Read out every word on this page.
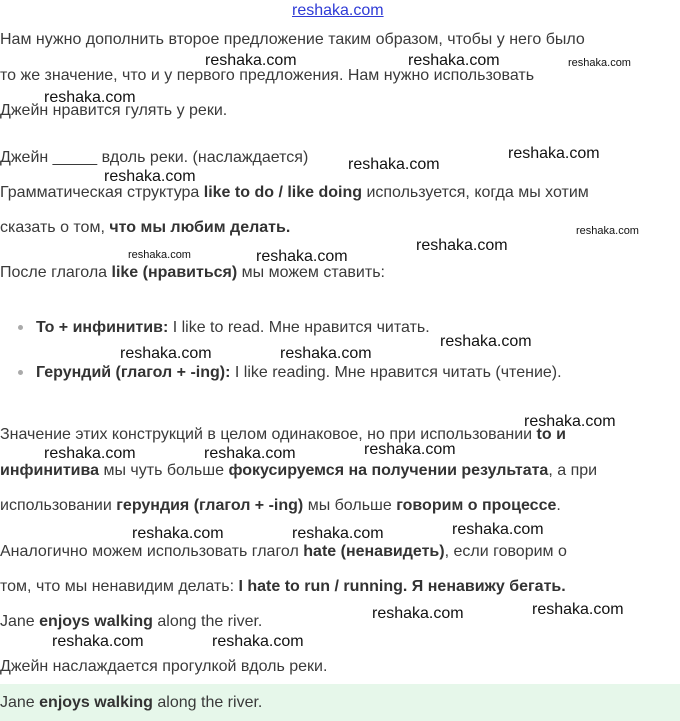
reshaka.com
Нам нужно дополнить второе предложение таким образом, чтобы у него было
то же значение, что и у первого предложения. Нам нужно использовать
Джейн нравится гулять у реки.
Джейн _____ вдоль реки. (наслаждается)
Грамматическая структура like to do / like doing используется, когда мы хотим
сказать о том, что мы любим делать.
После глагола like (нравиться) мы можем ставить:
To + инфинитив: I like to read. Мне нравится читать.
Герундий (глагол + -ing): I like reading. Мне нравится читать (чтение).
Значение этих конструкций в целом одинаковое, но при использовании to и
инфинитива мы чуть больше фокусируемся на получении результата, а при
использовании герундия (глагол + -ing) мы больше говорим о процессе.
Аналогично можем использовать глагол hate (ненавидеть), если говорим о
том, что мы ненавидим делать: I hate to run / running. Я ненавижу бегать.
Jane enjoys walking along the river.
Джейн наслаждается прогулкой вдоль реки.
Jane enjoys walking along the river.
reshaka.com	reshaka.com	reshaka.com
reshaka.com
reshaka.com
reshaka.com
reshaka.com
reshaka.com
reshaka.com
reshaka.com	reshaka.com
reshaka.com
reshaka.com	reshaka.com
reshaka.com
reshaka.com
reshaka.com	reshaka.com
reshaka.com
reshaka.com	reshaka.com
reshaka.com
reshaka.com
reshaka.com	reshaka.com
